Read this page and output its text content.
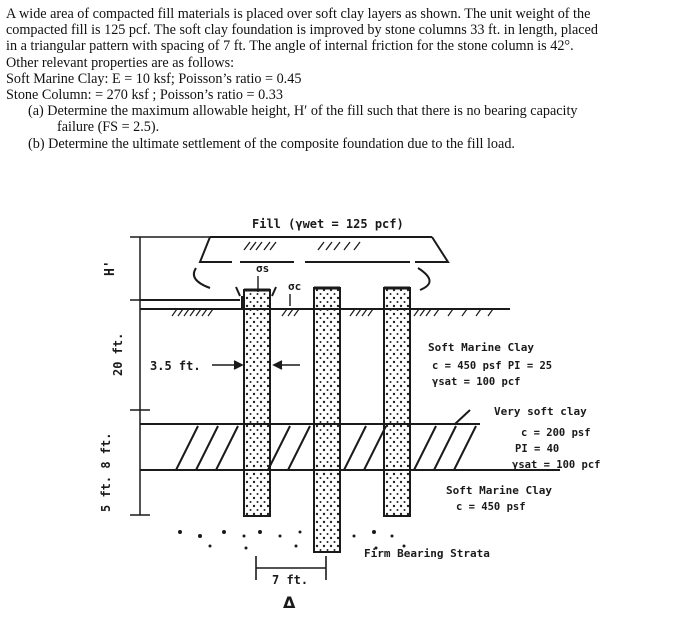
A wide area of compacted fill materials is placed over soft clay layers as shown. The unit weight of the
compacted fill is 125 pcf. The soft clay foundation is improved by stone columns 33 ft. in length, placed
in a triangular pattern with spacing of 7 ft. The angle of internal friction for the stone column is 42°.
Other relevant properties are as follows:
Soft Marine Clay: E = 10 ksf; Poisson’s ratio = 0.45
Stone Column: = 270 ksf ; Poisson’s ratio = 0.33
(a) Determine the maximum allowable height, H′ of the fill such that there is no bearing capacity
failure (FS = 2.5).
(b) Determine the ultimate settlement of the composite foundation due to the fill load.
H'
20 ft.
5 ft. 8 ft.
Fill (γwet = 125 pcf)
σs
σc
3.5 ft.
Soft Marine Clay
c = 450 psf PI = 25
γsat = 100 pcf
Very soft clay
c = 200 psf
PI = 40
γsat = 100 pcf
Soft Marine Clay
c = 450 psf
Firm Bearing Strata
7 ft.
Δ
